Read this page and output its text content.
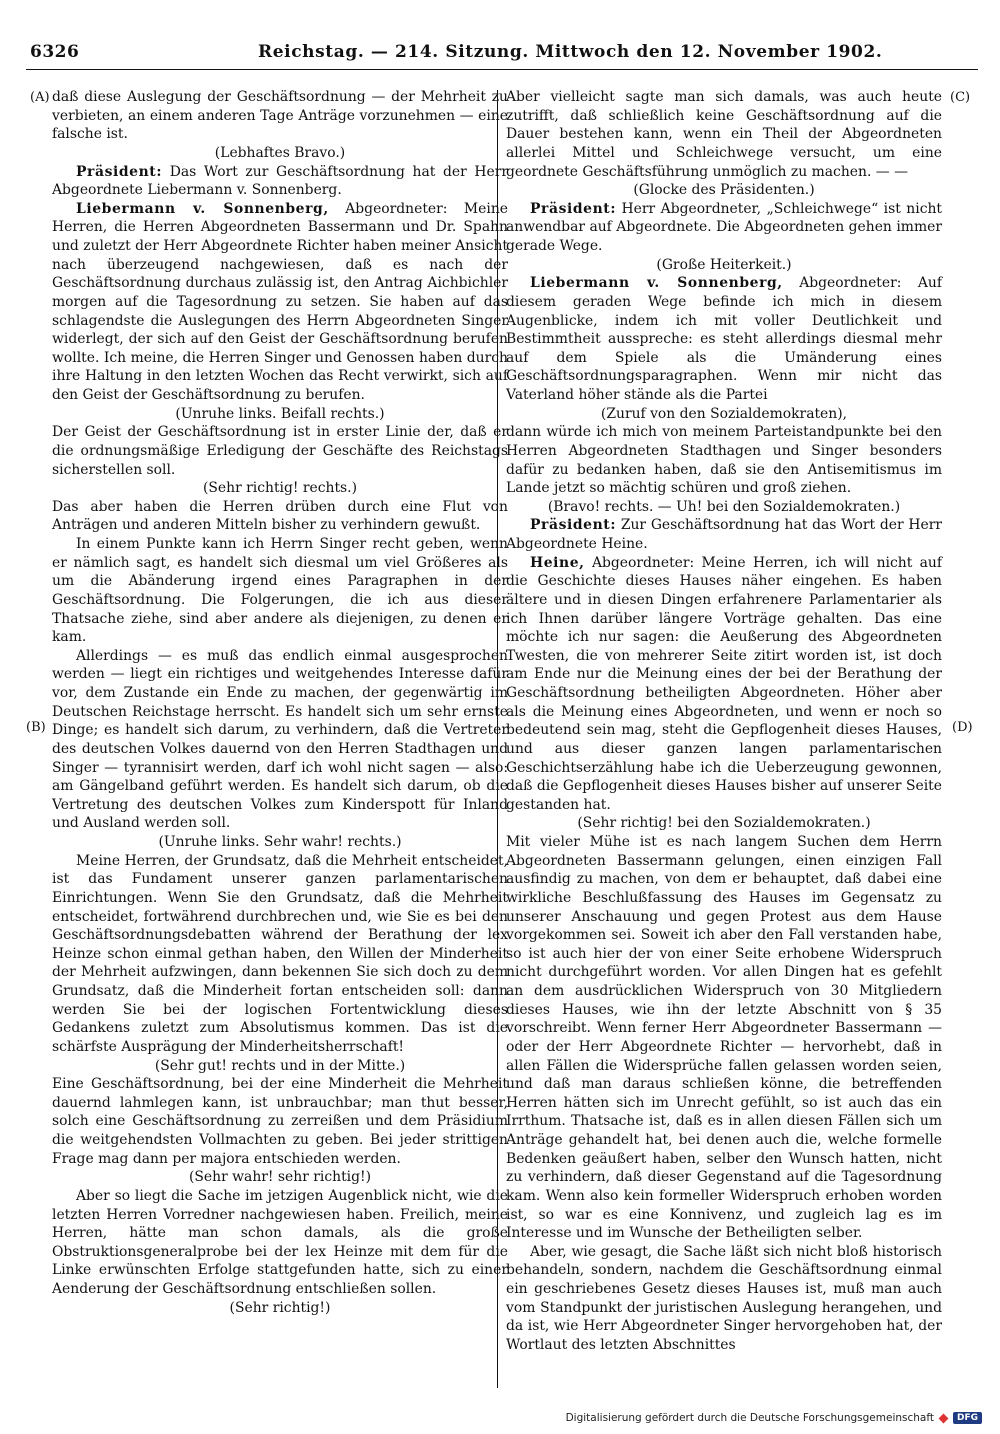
6326	Reichstag. — 214. Sitzung. Mittwoch den 12. November 1902.
(A)
(B)
(C)
(D)

daß diese Auslegung der Geschäftsordnung — der Mehrheit zu verbieten, an einem anderen Tage Anträge vorzunehmen — eine falsche ist.

(Lebhaftes Bravo.)

Präsident: Das Wort zur Geschäftsordnung hat der Herr Abgeordnete Liebermann v. Sonnenberg.

Liebermann v. Sonnenberg, Abgeordneter: Meine Herren, die Herren Abgeordneten Bassermann und Dr. Spahn und zuletzt der Herr Abgeordnete Richter haben meiner Ansicht nach überzeugend nachgewiesen, daß es nach der Geschäftsordnung durchaus zulässig ist, den Antrag Aichbichler morgen auf die Tagesordnung zu setzen. Sie haben auf das schlagendste die Auslegungen des Herrn Abgeordneten Singer widerlegt, der sich auf den Geist der Geschäftsordnung berufen wollte. Ich meine, die Herren Singer und Genossen haben durch ihre Haltung in den letzten Wochen das Recht verwirkt, sich auf den Geist der Geschäftsordnung zu berufen.

(Unruhe links. Beifall rechts.)

Der Geist der Geschäftsordnung ist in erster Linie der, daß er die ordnungsmäßige Erledigung der Geschäfte des Reichstags sicherstellen soll.

(Sehr richtig! rechts.)

Das aber haben die Herren drüben durch eine Flut von Anträgen und anderen Mitteln bisher zu verhindern gewußt.

In einem Punkte kann ich Herrn Singer recht geben, wenn er nämlich sagt, es handelt sich diesmal um viel Größeres als um die Abänderung irgend eines Paragraphen in der Geschäftsordnung. Die Folgerungen, die ich aus dieser Thatsache ziehe, sind aber andere als diejenigen, zu denen er kam.

Allerdings — es muß das endlich einmal ausgesprochen werden — liegt ein richtiges und weitgehendes Interesse dafür vor, dem Zustande ein Ende zu machen, der gegenwärtig im Deutschen Reichstage herrscht. Es handelt sich um sehr ernste Dinge; es handelt sich darum, zu verhindern, daß die Vertreter des deutschen Volkes dauernd von den Herren Stadthagen und Singer — tyrannisirt werden, darf ich wohl nicht sagen — also: am Gängelband geführt werden. Es handelt sich darum, ob die Vertretung des deutschen Volkes zum Kinderspott für Inland und Ausland werden soll.

(Unruhe links. Sehr wahr! rechts.)

Meine Herren, der Grundsatz, daß die Mehrheit entscheidet, ist das Fundament unserer ganzen parlamentarischen Einrichtungen. Wenn Sie den Grundsatz, daß die Mehrheit entscheidet, fortwährend durchbrechen und, wie Sie es bei den Geschäftsordnungsdebatten während der Berathung der lex Heinze schon einmal gethan haben, den Willen der Minderheit der Mehrheit aufzwingen, dann bekennen Sie sich doch zu dem Grundsatz, daß die Minderheit fortan entscheiden soll: dann werden Sie bei der logischen Fortentwicklung dieses Gedankens zuletzt zum Absolutismus kommen. Das ist die schärfste Ausprägung der Minderheitsherrschaft!

(Sehr gut! rechts und in der Mitte.)

Eine Geschäftsordnung, bei der eine Minderheit die Mehrheit dauernd lahmlegen kann, ist unbrauchbar; man thut besser, solch eine Geschäftsordnung zu zerreißen und dem Präsidium die weitgehendsten Vollmachten zu geben. Bei jeder strittigen Frage mag dann per majora entschieden werden.

(Sehr wahr! sehr richtig!)

Aber so liegt die Sache im jetzigen Augenblick nicht, wie die letzten Herren Vorredner nachgewiesen haben. Freilich, meine Herren, hätte man schon damals, als die große Obstruktionsgeneralprobe bei der lex Heinze mit dem für die Linke erwünschten Erfolge stattgefunden hatte, sich zu einer Aenderung der Geschäftsordnung entschließen sollen.

(Sehr richtig!)

Aber vielleicht sagte man sich damals, was auch heute zutrifft, daß schließlich keine Geschäftsordnung auf die Dauer bestehen kann, wenn ein Theil der Abgeordneten allerlei Mittel und Schleichwege versucht, um eine geordnete Geschäftsführung unmöglich zu machen. — —

(Glocke des Präsidenten.)

Präsident: Herr Abgeordneter, „Schleichwege“ ist nicht anwendbar auf Abgeordnete. Die Abgeordneten gehen immer gerade Wege.

(Große Heiterkeit.)

Liebermann v. Sonnenberg, Abgeordneter: Auf diesem geraden Wege befinde ich mich in diesem Augenblicke, indem ich mit voller Deutlichkeit und Bestimmtheit ausspreche: es steht allerdings diesmal mehr auf dem Spiele als die Umänderung eines Geschäftsordnungsparagraphen. Wenn mir nicht das Vaterland höher stände als die Partei

(Zuruf von den Sozialdemokraten),

dann würde ich mich von meinem Parteistandpunkte bei den Herren Abgeordneten Stadthagen und Singer besonders dafür zu bedanken haben, daß sie den Antisemitismus im Lande jetzt so mächtig schüren und groß ziehen.

(Bravo! rechts. — Uh! bei den Sozialdemokraten.)

Präsident: Zur Geschäftsordnung hat das Wort der Herr Abgeordnete Heine.

Heine, Abgeordneter: Meine Herren, ich will nicht auf die Geschichte dieses Hauses näher eingehen. Es haben ältere und in diesen Dingen erfahrenere Parlamentarier als ich Ihnen darüber längere Vorträge gehalten. Das eine möchte ich nur sagen: die Aeußerung des Abgeordneten Twesten, die von mehrerer Seite zitirt worden ist, ist doch am Ende nur die Meinung eines der bei der Berathung der Geschäftsordnung betheiligten Abgeordneten. Höher aber als die Meinung eines Abgeordneten, und wenn er noch so bedeutend sein mag, steht die Gepflogenheit dieses Hauses, und aus dieser ganzen langen parlamentarischen Geschichtserzählung habe ich die Ueberzeugung gewonnen, daß die Gepflogenheit dieses Hauses bisher auf unserer Seite gestanden hat.

(Sehr richtig! bei den Sozialdemokraten.)

Mit vieler Mühe ist es nach langem Suchen dem Herrn Abgeordneten Bassermann gelungen, einen einzigen Fall ausfindig zu machen, von dem er behauptet, daß dabei eine wirkliche Beschlußfassung des Hauses im Gegensatz zu unserer Anschauung und gegen Protest aus dem Hause vorgekommen sei. Soweit ich aber den Fall verstanden habe, so ist auch hier der von einer Seite erhobene Widerspruch nicht durchgeführt worden. Vor allen Dingen hat es gefehlt an dem ausdrücklichen Widerspruch von 30 Mitgliedern dieses Hauses, wie ihn der letzte Abschnitt von § 35 vorschreibt. Wenn ferner Herr Abgeordneter Bassermann — oder der Herr Abgeordnete Richter — hervorhebt, daß in allen Fällen die Widersprüche fallen gelassen worden seien, und daß man daraus schließen könne, die betreffenden Herren hätten sich im Unrecht gefühlt, so ist auch das ein Irrthum. Thatsache ist, daß es in allen diesen Fällen sich um Anträge gehandelt hat, bei denen auch die, welche formelle Bedenken geäußert haben, selber den Wunsch hatten, nicht zu verhindern, daß dieser Gegenstand auf die Tagesordnung kam. Wenn also kein formeller Widerspruch erhoben worden ist, so war es eine Konnivenz, und zugleich lag es im Interesse und im Wunsche der Betheiligten selber.

Aber, wie gesagt, die Sache läßt sich nicht bloß historisch behandeln, sondern, nachdem die Geschäftsordnung einmal ein geschriebenes Gesetz dieses Hauses ist, muß man auch vom Standpunkt der juristischen Auslegung herangehen, und da ist, wie Herr Abgeordneter Singer hervorgehoben hat, der Wortlaut des letzten Abschnittes

Digitalisierung gefördert durch die Deutsche Forschungsgemeinschaft	DFG
